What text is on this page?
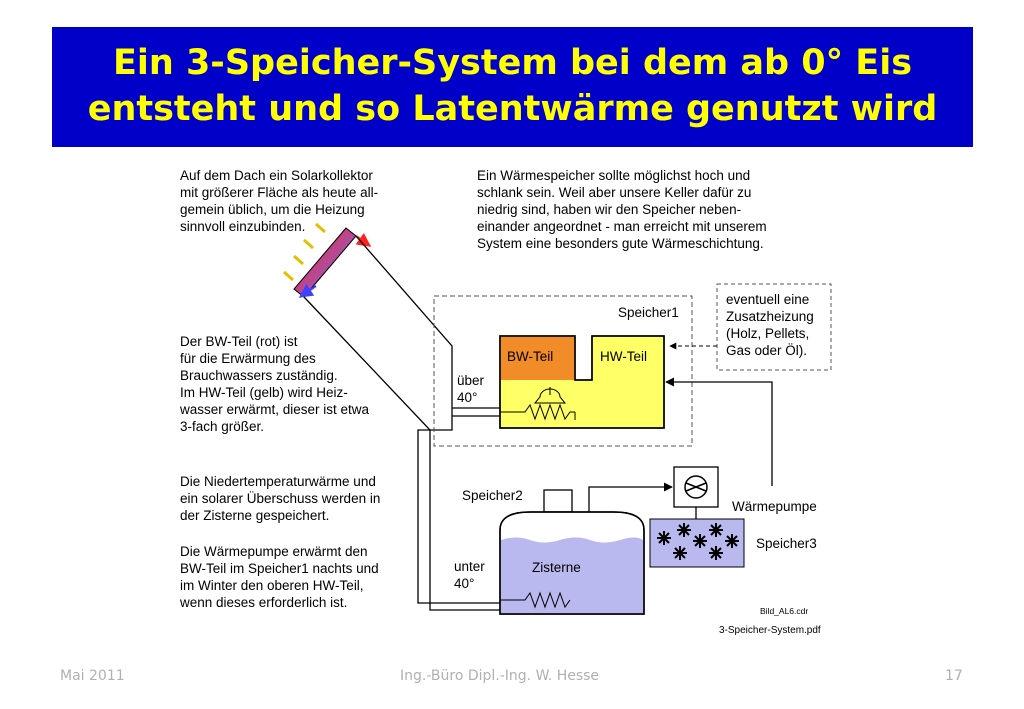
Ein 3-Speicher-System bei dem ab 0° Eis
entsteht und so Latentwärme genutzt wird
Auf dem Dach ein Solarkollektor mit größerer Fläche als heute all- gemein üblich, um die Heizung sinnvoll einzubinden.
Ein Wärmespeicher sollte möglichst hoch und schlank sein. Weil aber unsere Keller dafür zu niedrig sind, haben wir den Speicher neben- einander angeordnet - man erreicht mit unserem System eine besonders gute Wärmeschichtung.
Der BW-Teil (rot) ist für die Erwärmung des Brauchwassers zuständig. Im HW-Teil (gelb) wird Heiz- wasser erwärmt, dieser ist etwa 3-fach größer.
Die Niedertemperaturwärme und ein solarer Überschuss werden in der Zisterne gespeichert.
Die Wärmepumpe erwärmt den BW-Teil im Speicher1 nachts und im Winter den oberen HW-Teil, wenn dieses erforderlich ist.
eventuell eine Zusatzheizung (Holz, Pellets, Gas oder Öl).
Speicher1
BW-Teil	HW-Teil
über 40°
Speicher2
Zisterne
unter 40°
Wärmepumpe
Speicher3
Bild_AL6.cdr
3-Speicher-System.pdf
Mai 2011	Ing.-Büro Dipl.-Ing. W. Hesse	17
